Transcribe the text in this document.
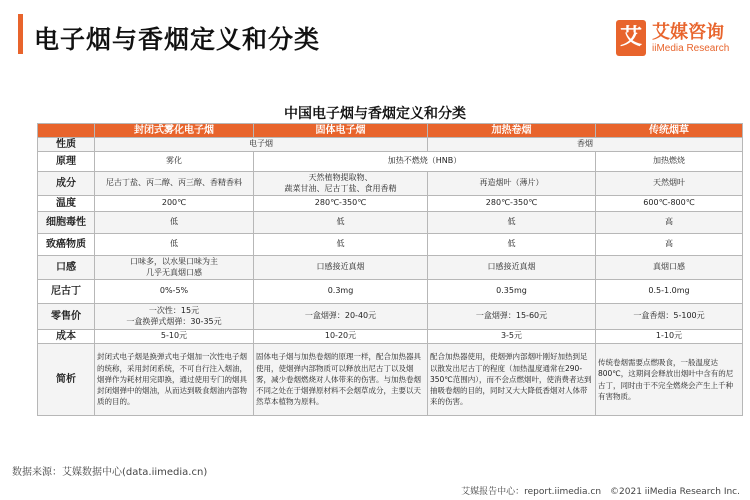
电子烟与香烟定义和分类	艾 艾媒咨询
iiMedia Research
中国电子烟与香烟定义和分类
	封闭式雾化电子烟	固体电子烟	加热卷烟	传统烟草
性质	电子烟		香烟	
原理	雾化	加热不燃烧（HNB）		加热燃烧
成分	尼古丁盐、丙二醇、丙三醇、香精香料	天然植物提取物、
蔬菜甘油、尼古丁盐、食用香精	再造烟叶（薄片）	天然烟叶
温度	200℃	280℃-350℃	280℃-350℃	600℃-800℃
细胞毒性	低	低	低	高
致癌物质	低	低	低	高
口感	口味多，以水果口味为主
几乎无真烟口感	口感接近真烟	口感接近真烟	真烟口感
尼古丁	0%-5%	0.3mg	0.35mg	0.5-1.0mg
零售价	一次性：15元
一盒换弹式烟弹：30-35元	一盒烟弹：20-40元	一盒烟弹：15-60元	一盒香烟：5-100元
成本	5-10元	10-20元	3-5元	1-10元
简析	封闭式电子烟是换弹式电子烟加一次性电子烟的统称，采用封闭系统，不可自行注入烟油，烟弹作为耗材用完即换，通过使用专门的烟具封闭烟弹中的烟油，从而达到吸食烟油内部物质的目的。	固体电子烟与加热卷烟的原理一样，配合加热器具使用，使烟弹内部物质可以释放出尼古丁以及烟雾，减少卷烟燃烧对人体带来的伤害。与加热卷烟不同之处在于烟弹原材料不会烟草成分，主要以天然草本植物为原料。	配合加热器使用，使烟弹内部烟叶刚好加热到足以散发出尼古丁的程度（加热温度通常在290-350℃范围内），而不会点燃烟叶，使消费者达到抽吸卷烟的目的，同时又大大降低香烟对人体带来的伤害。	传统卷烟需要点燃吸食，一般温度达800℃，这期间会释放出烟叶中含有的尼古丁，同时由于不完全燃烧会产生上千种有害物质。
数据来源：艾媒数据中心(data.iimedia.cn)
艾媒报告中心：report.iimedia.cn　©2021 iiMedia Research Inc.
